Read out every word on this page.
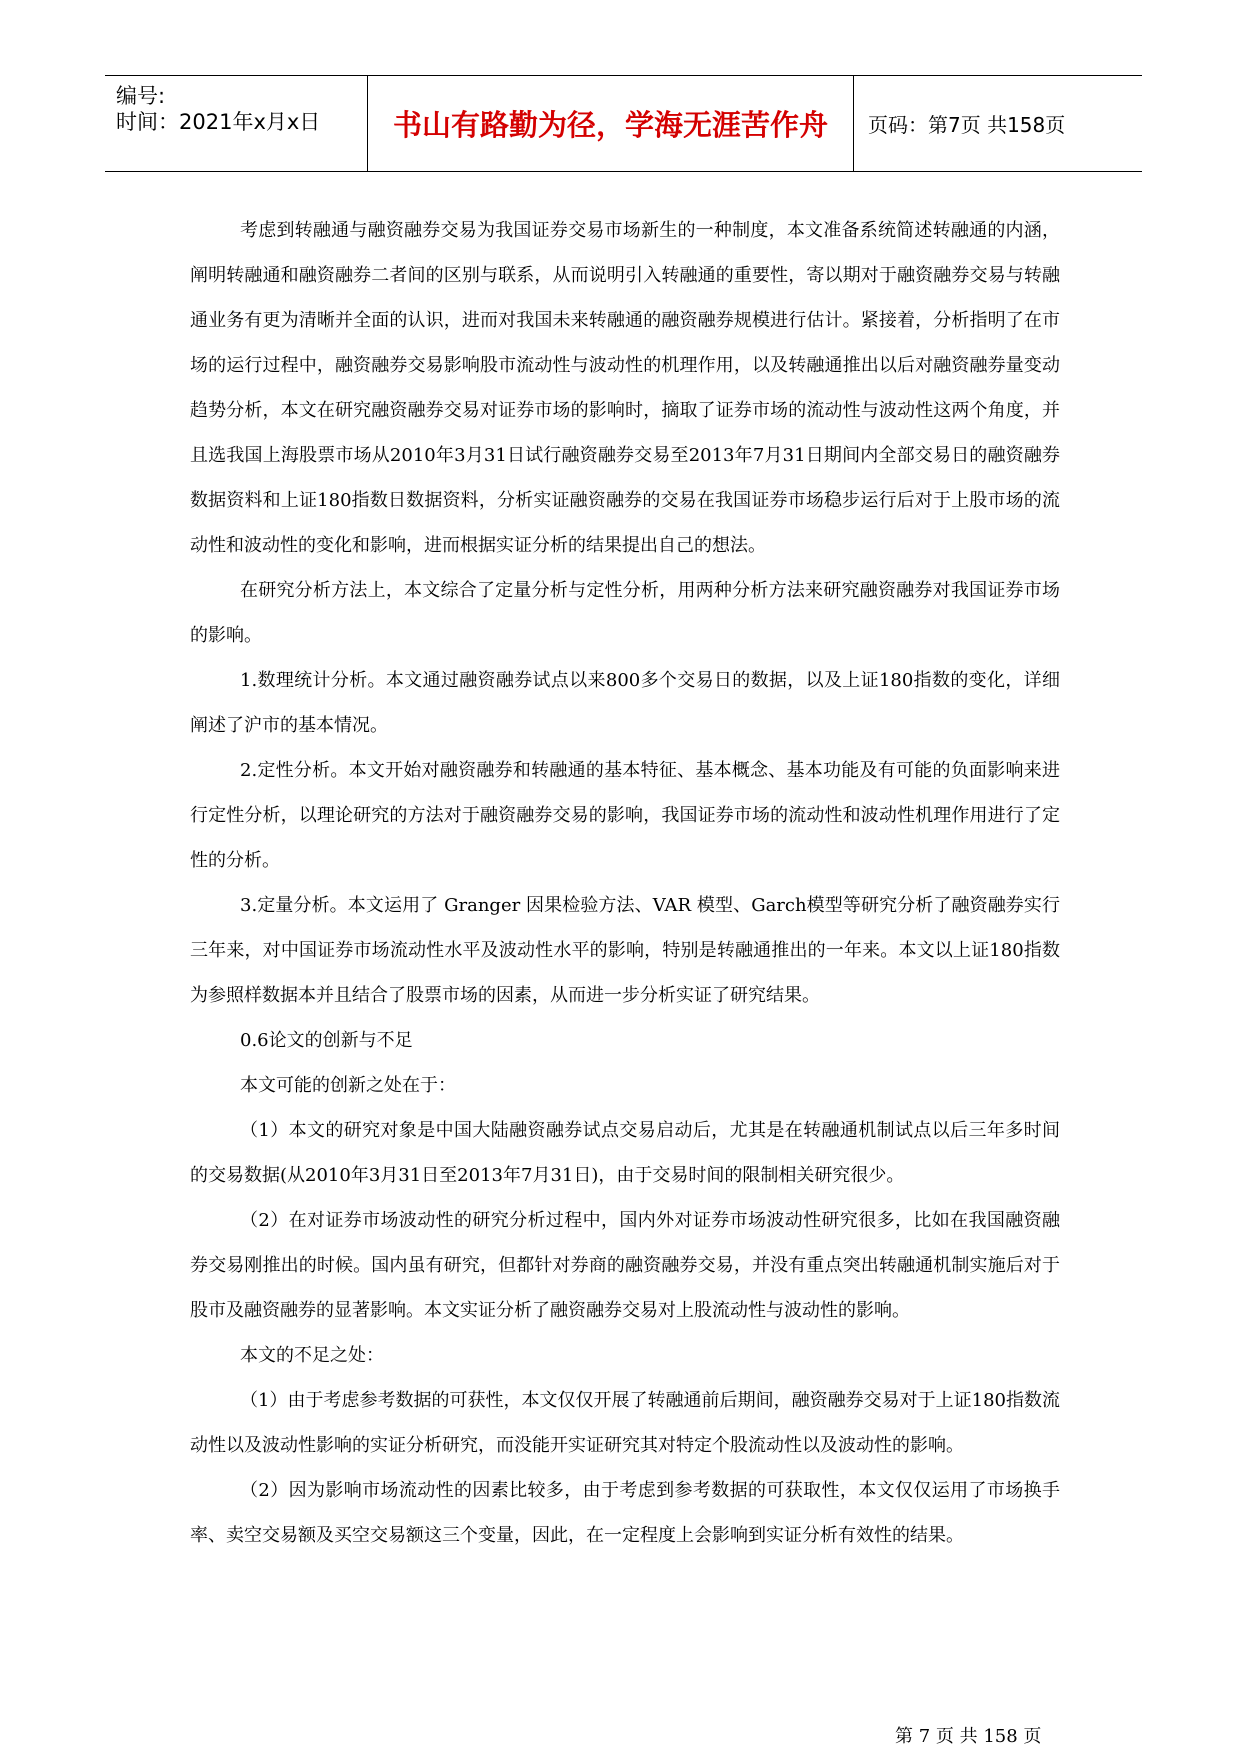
编号:
时间：2021年x月x日	书山有路勤为径，学海无涯苦作舟	页码：第7页 共158页

考虑到转融通与融资融券交易为我国证券交易市场新生的一种制度，本文准备系统简述转融通的内涵，阐明转融通和融资融券二者间的区别与联系，从而说明引入转融通的重要性，寄以期对于融资融券交易与转融通业务有更为清晰并全面的认识，进而对我国未来转融通的融资融券规模进行估计。紧接着，分析指明了在市场的运行过程中，融资融券交易影响股市流动性与波动性的机理作用，以及转融通推出以后对融资融券量变动趋势分析，本文在研究融资融券交易对证券市场的影响时，摘取了证券市场的流动性与波动性这两个角度，并且选我国上海股票市场从2010年3月31日试行融资融券交易至2013年7月31日期间内全部交易日的融资融券数据资料和上证180指数日数据资料，分析实证融资融券的交易在我国证券市场稳步运行后对于上股市场的流动性和波动性的变化和影响，进而根据实证分析的结果提出自己的想法。

在研究分析方法上，本文综合了定量分析与定性分析，用两种分析方法来研究融资融券对我国证券市场的影响。

1.数理统计分析。本文通过融资融券试点以来800多个交易日的数据，以及上证180指数的变化，详细阐述了沪市的基本情况。

2.定性分析。本文开始对融资融券和转融通的基本特征、基本概念、基本功能及有可能的负面影响来进行定性分析，以理论研究的方法对于融资融券交易的影响，我国证券市场的流动性和波动性机理作用进行了定性的分析。

3.定量分析。本文运用了 Granger 因果检验方法、VAR 模型、Garch模型等研究分析了融资融券实行三年来，对中国证券市场流动性水平及波动性水平的影响，特别是转融通推出的一年来。本文以上证180指数为参照样数据本并且结合了股票市场的因素，从而进一步分析实证了研究结果。

0.6论文的创新与不足

本文可能的创新之处在于：

（1）本文的研究对象是中国大陆融资融券试点交易启动后，尤其是在转融通机制试点以后三年多时间的交易数据(从2010年3月31日至2013年7月31日)，由于交易时间的限制相关研究很少。

（2）在对证券市场波动性的研究分析过程中，国内外对证券市场波动性研究很多，比如在我国融资融券交易刚推出的时候。国内虽有研究，但都针对券商的融资融券交易，并没有重点突出转融通机制实施后对于股市及融资融券的显著影响。本文实证分析了融资融券交易对上股流动性与波动性的影响。

本文的不足之处：

（1）由于考虑参考数据的可获性，本文仅仅开展了转融通前后期间，融资融券交易对于上证180指数流动性以及波动性影响的实证分析研究，而没能开实证研究其对特定个股流动性以及波动性的影响。

（2）因为影响市场流动性的因素比较多，由于考虑到参考数据的可获取性，本文仅仅运用了市场换手率、卖空交易额及买空交易额这三个变量，因此，在一定程度上会影响到实证分析有效性的结果。

第 7 页 共 158 页
